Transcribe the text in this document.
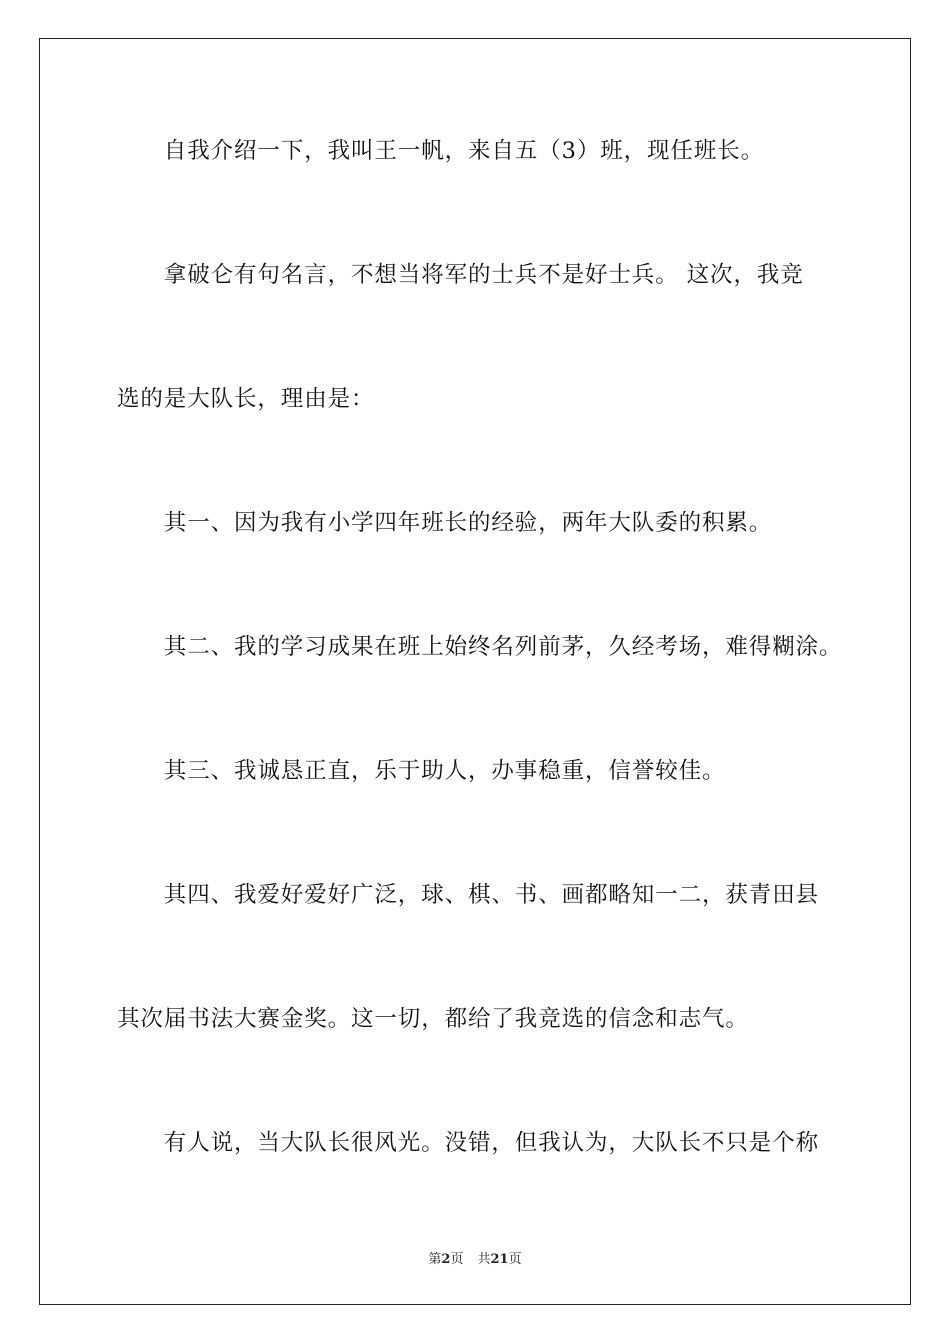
　　自我介绍一下，我叫王一帆，来自五（3）班，现任班长。
　　拿破仑有句名言，不想当将军的士兵不是好士兵。 这次，我竞
选的是大队长，理由是：
　　其一、因为我有小学四年班长的经验，两年大队委的积累。
　　其二、我的学习成果在班上始终名列前茅，久经考场，难得糊涂。
　　其三、我诚恳正直，乐于助人，办事稳重，信誉较佳。
　　其四、我爱好爱好广泛，球、棋、书、画都略知一二，获青田县
其次届书法大赛金奖。这一切，都给了我竞选的信念和志气。
　　有人说，当大队长很风光。没错，但我认为，大队长不只是个称
第2页 共21页
